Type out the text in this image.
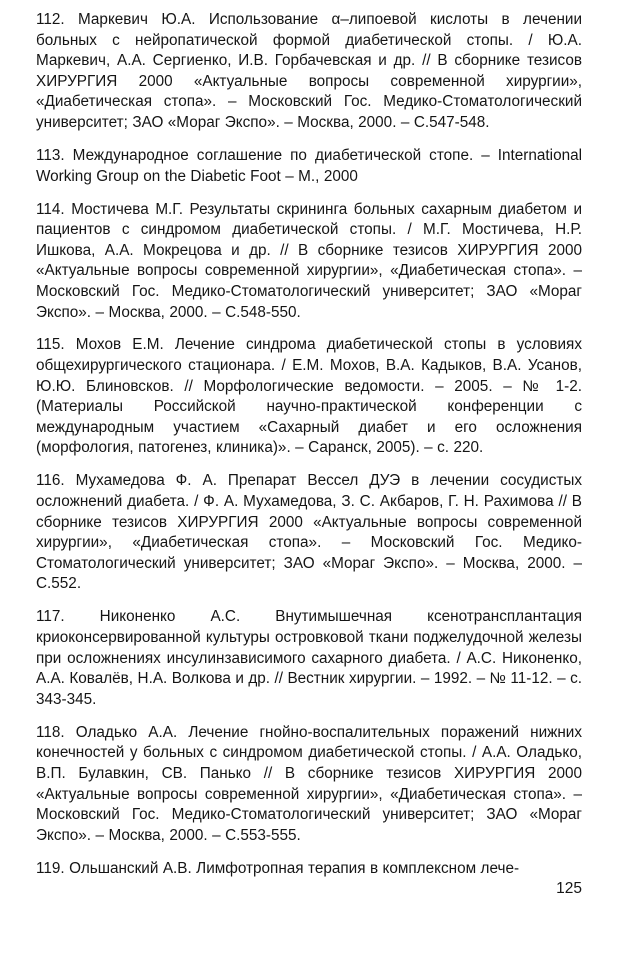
112. Маркевич Ю.А. Использование α–липоевой кислоты в лечении больных с нейропатической формой диабетической стопы. / Ю.А. Маркевич, А.А. Сергиенко, И.В. Горбачевская и др. // В сборнике тезисов ХИРУРГИЯ 2000 «Актуальные вопросы современной хирургии», «Диабетическая стопа». – Московский Гос. Медико-Стоматологический университет; ЗАО «Мораг Экспо». – Москва, 2000. – С.547-548.
113. Международное соглашение по диабетической стопе. – International Working Group on the Diabetic Foot – М., 2000
114. Мостичева М.Г. Результаты скрининга больных сахарным диабетом и пациентов с синдромом диабетической стопы. / М.Г. Мостичева, Н.Р. Ишкова, А.А. Мокрецова и др. // В сборнике тезисов ХИРУРГИЯ 2000 «Актуальные вопросы современной хирургии», «Диабетическая стопа». – Московский Гос. Медико-Стоматологический университет; ЗАО «Мораг Экспо». – Москва, 2000. – С.548-550.
115. Мохов Е.М. Лечение синдрома диабетической стопы в условиях общехирургического стационара. / Е.М. Мохов, В.А. Кадыков, В.А. Усанов, Ю.Ю. Блиновсков. // Морфологические ведомости. – 2005. – № 1-2. (Материалы Российской научно-практической конференции с международным участием «Сахарный диабет и его осложнения (морфология, патогенез, клиника)». – Саранск, 2005). – с. 220.
116. Мухамедова Ф. А. Препарат Вессел ДУЭ в лечении сосудистых осложнений диабета. / Ф. А. Мухамедова, З. С. Акбаров, Г. Н. Рахимова // В сборнике тезисов ХИРУРГИЯ 2000 «Актуальные вопросы современной хирургии», «Диабетическая стопа». – Московский Гос. Медико-Стоматологический университет; ЗАО «Мораг Экспо». – Москва, 2000. – С.552.
117. Никоненко А.С. Внутимышечная ксенотрансплантация криоконсервированной культуры островковой ткани поджелудочной железы при осложнениях инсулинзависимого сахарного диабета. / А.С. Никоненко, А.А. Ковалёв, Н.А. Волкова и др. // Вестник хирургии. – 1992. – № 11-12. – с. 343-345.
118. Оладько А.А. Лечение гнойно-воспалительных поражений нижних конечностей у больных с синдромом диабетической стопы. / А.А. Оладько, В.П. Булавкин, СВ. Панько // В сборнике тезисов ХИРУРГИЯ 2000 «Актуальные вопросы современной хирургии», «Диабетическая стопа». – Московский Гос. Медико-Стоматологический университет; ЗАО «Мораг Экспо». – Москва, 2000. – С.553-555.
119. Ольшанский А.В. Лимфотропная терапия в комплексном лече-
125
